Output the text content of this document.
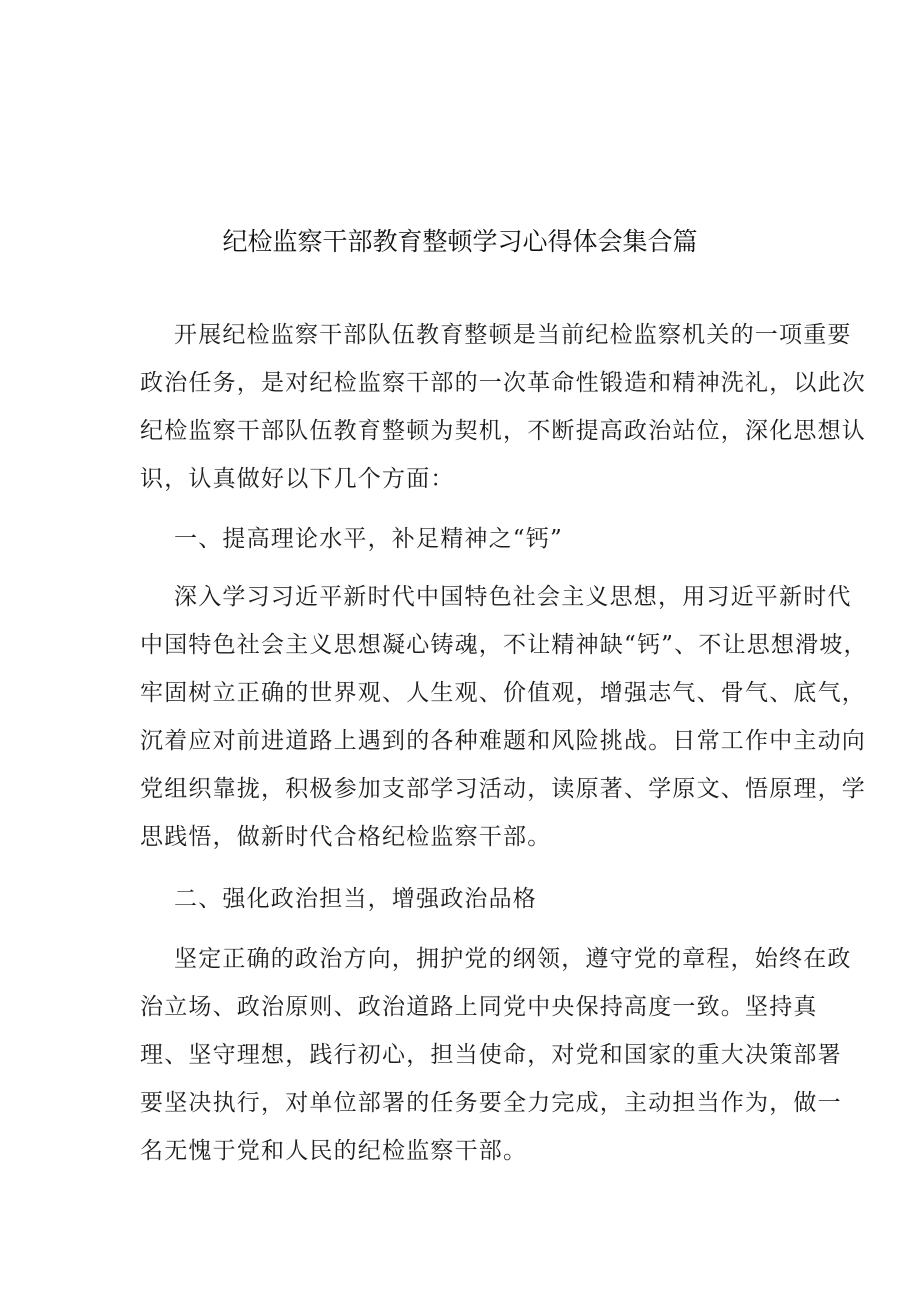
纪检监察干部教育整顿学习心得体会集合篇
开展纪检监察干部队伍教育整顿是当前纪检监察机关的一项重要
政治任务，是对纪检监察干部的一次革命性锻造和精神洗礼，以此次
纪检监察干部队伍教育整顿为契机，不断提高政治站位，深化思想认
识，认真做好以下几个方面：
一、提高理论水平，补足精神之“钙”
深入学习习近平新时代中国特色社会主义思想，用习近平新时代
中国特色社会主义思想凝心铸魂，不让精神缺“钙”、不让思想滑坡，
牢固树立正确的世界观、人生观、价值观，增强志气、骨气、底气，
沉着应对前进道路上遇到的各种难题和风险挑战。日常工作中主动向
党组织靠拢，积极参加支部学习活动，读原著、学原文、悟原理，学
思践悟，做新时代合格纪检监察干部。
二、强化政治担当，增强政治品格
坚定正确的政治方向，拥护党的纲领，遵守党的章程，始终在政
治立场、政治原则、政治道路上同党中央保持高度一致。坚持真
理、坚守理想，践行初心，担当使命，对党和国家的重大决策部署
要坚决执行，对单位部署的任务要全力完成，主动担当作为，做一
名无愧于党和人民的纪检监察干部。
